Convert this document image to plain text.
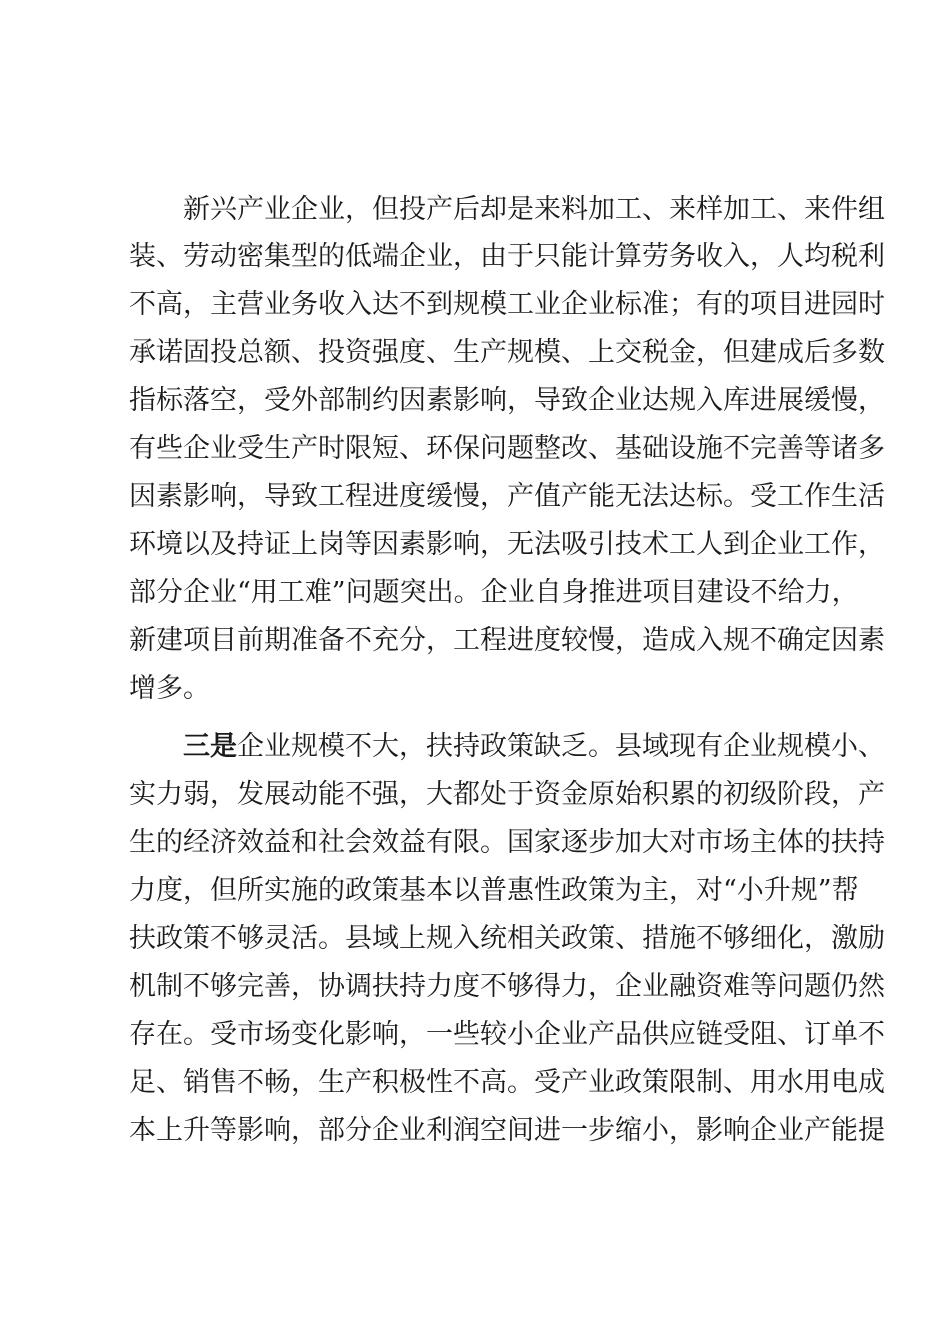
新兴产业企业，但投产后却是来料加工、来样加工、来件组
装、劳动密集型的低端企业，由于只能计算劳务收入，人均税利
不高，主营业务收入达不到规模工业企业标准；有的项目进园时
承诺固投总额、投资强度、生产规模、上交税金，但建成后多数
指标落空，受外部制约因素影响，导致企业达规入库进展缓慢，
有些企业受生产时限短、环保问题整改、基础设施不完善等诸多
因素影响，导致工程进度缓慢，产值产能无法达标。受工作生活
环境以及持证上岗等因素影响，无法吸引技术工人到企业工作，
部分企业“用工难”问题突出。企业自身推进项目建设不给力，
新建项目前期准备不充分，工程进度较慢，造成入规不确定因素
增多。
三是企业规模不大，扶持政策缺乏。县域现有企业规模小、
实力弱，发展动能不强，大都处于资金原始积累的初级阶段，产
生的经济效益和社会效益有限。国家逐步加大对市场主体的扶持
力度，但所实施的政策基本以普惠性政策为主，对“小升规”帮
扶政策不够灵活。县域上规入统相关政策、措施不够细化，激励
机制不够完善，协调扶持力度不够得力，企业融资难等问题仍然
存在。受市场变化影响，一些较小企业产品供应链受阻、订单不
足、销售不畅，生产积极性不高。受产业政策限制、用水用电成
本上升等影响，部分企业利润空间进一步缩小，影响企业产能提
